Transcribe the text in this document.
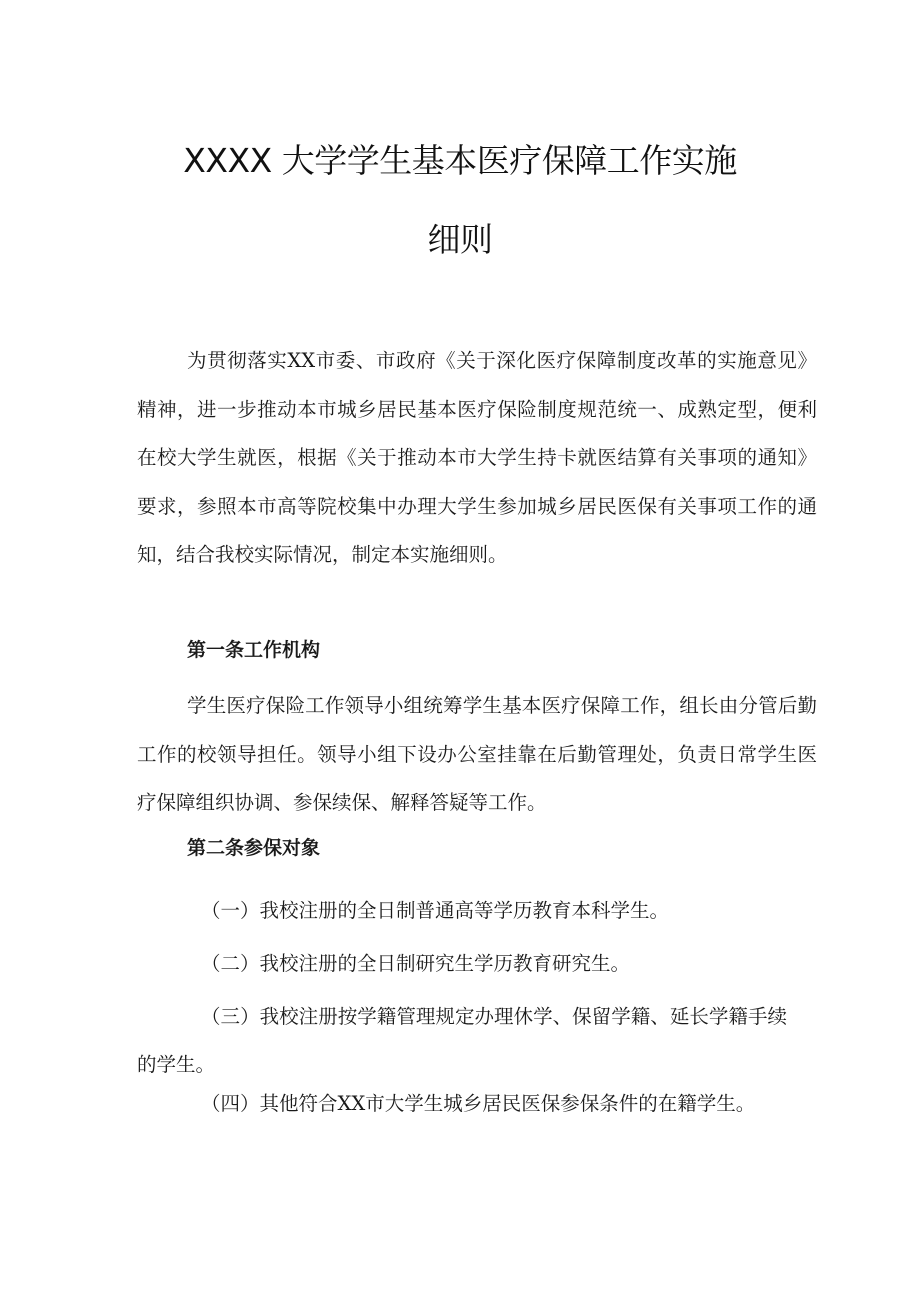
XXXX 大学学生基本医疗保障工作实施
细则

为贯彻落实XX市委、市政府《关于深化医疗保障制度改革的实施意见》精神，进一步推动本市城乡居民基本医疗保险制度规范统一、成熟定型，便利在校大学生就医，根据《关于推动本市大学生持卡就医结算有关事项的通知》要求，参照本市高等院校集中办理大学生参加城乡居民医保有关事项工作的通知，结合我校实际情况，制定本实施细则。

第一条工作机构

学生医疗保险工作领导小组统筹学生基本医疗保障工作，组长由分管后勤工作的校领导担任。领导小组下设办公室挂靠在后勤管理处，负责日常学生医疗保障组织协调、参保续保、解释答疑等工作。

第二条参保对象

（一）我校注册的全日制普通高等学历教育本科学生。

（二）我校注册的全日制研究生学历教育研究生。

（三）我校注册按学籍管理规定办理休学、保留学籍、延长学籍手续的学生。

（四）其他符合XX市大学生城乡居民医保参保条件的在籍学生。
